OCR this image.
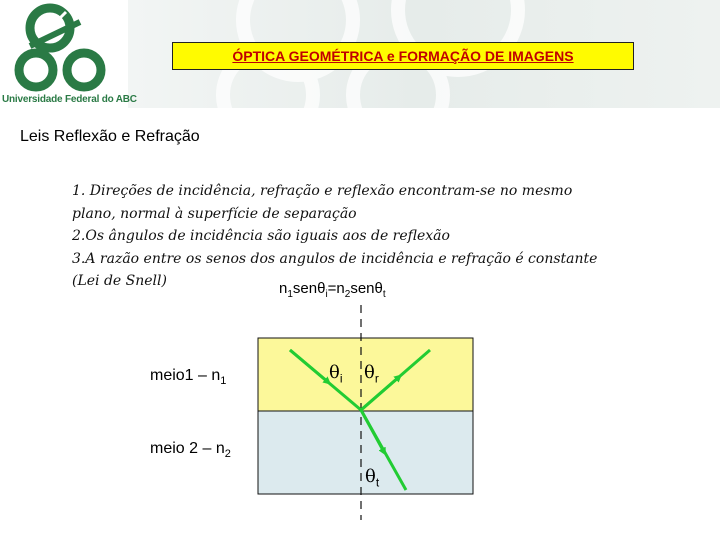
Universidade Federal do ABC
ÓPTICA GEOMÉTRICA e FORMAÇÃO DE IMAGENS
Leis Reflexão e Refração
1. Direções de incidência, refração e reflexão encontram-se no mesmo
plano, normal à superfície de separação
2.Os ângulos de incidência são iguais aos de reflexão
3.A razão entre os senos dos angulos de incidência e refração é constante
(Lei de Snell)	$n_1sen\theta_i=n_2sen\theta_t$
meio1 – $n_1$
meio $2 - n_2$
$\theta_i$ $\theta_r$
$\theta_t$
